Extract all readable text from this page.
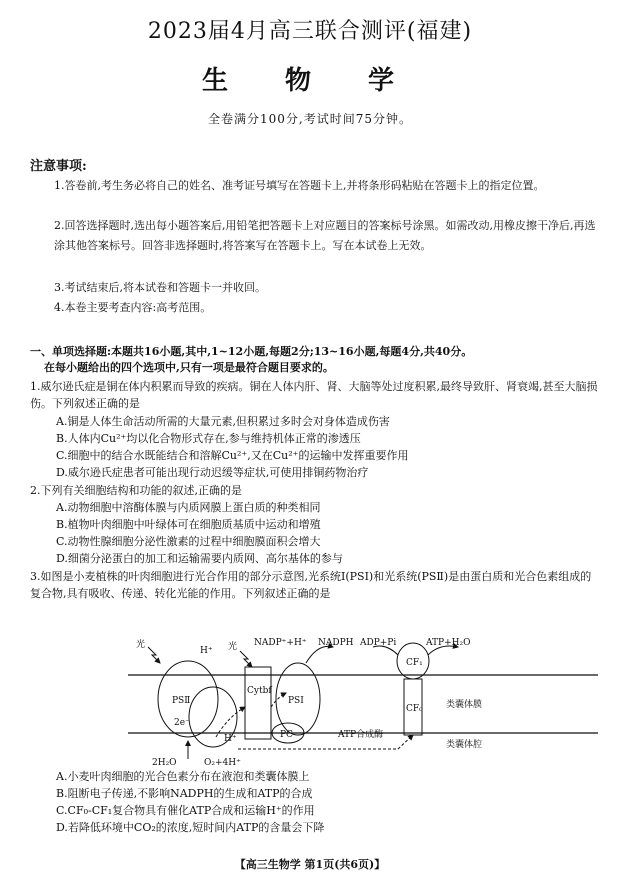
2023届4月高三联合测评(福建)
生 物 学
全卷满分100分,考试时间75分钟。
注意事项:
1.答卷前,考生务必将自己的姓名、准考证号填写在答题卡上,并将条形码粘贴在答题卡上的指定位置。
2.回答选择题时,选出每小题答案后,用铅笔把答题卡上对应题目的答案标号涂黑。如需改动,用橡皮擦干净后,再选涂其他答案标号。回答非选择题时,将答案写在答题卡上。写在本试卷上无效。
3.考试结束后,将本试卷和答题卡一并收回。
4.本卷主要考查内容:高考范围。
一、单项选择题:本题共16小题,其中,1~12小题,每题2分;13~16小题,每题4分,共40分。
在每小题给出的四个选项中,只有一项是最符合题目要求的。
1.威尔逊氏症是铜在体内积累而导致的疾病。铜在人体内肝、肾、大脑等处过度积累,最终导致肝、肾衰竭,甚至大脑损伤。下列叙述正确的是
A.铜是人体生命活动所需的大量元素,但积累过多时会对身体造成伤害
B.人体内Cu²⁺均以化合物形式存在,参与维持机体正常的渗透压
C.细胞中的结合水既能结合和溶解Cu²⁺,又在Cu²⁺的运输中发挥重要作用
D.威尔逊氏症患者可能出现行动迟缓等症状,可使用排铜药物治疗
2.下列有关细胞结构和功能的叙述,正确的是
A.动物细胞中溶酶体膜与内质网膜上蛋白质的种类相同
B.植物叶肉细胞中叶绿体可在细胞质基质中运动和增殖
C.动物性腺细胞分泌性激素的过程中细胞膜面积会增大
D.细菌分泌蛋白的加工和运输需要内质网、高尔基体的参与
3.如图是小麦植株的叶肉细胞进行光合作用的部分示意图,光系统Ⅰ(PSⅠ)和光系统(PSⅡ)是由蛋白质和光合色素组成的复合物,具有吸收、传递、转化光能的作用。下列叙述正确的是
光	光
H⁺
NADP⁺+H⁺ NADPH ADP+Pi	ATP+H₂O
PSⅡ
Cytbf
PSⅠ
PC
2e⁻
H⁺
2H₂O	O₂+4H⁺
CF₁
CF₀
ATP合成酶
类囊体膜
类囊体腔
A.小麦叶肉细胞的光合色素分布在液泡和类囊体膜上
B.阻断电子传递,不影响NADPH的生成和ATP的合成
C.CF₀-CF₁复合物具有催化ATP合成和运输H⁺的作用
D.若降低环境中CO₂的浓度,短时间内ATP的含量会下降
【高三生物学 第1页(共6页)】
